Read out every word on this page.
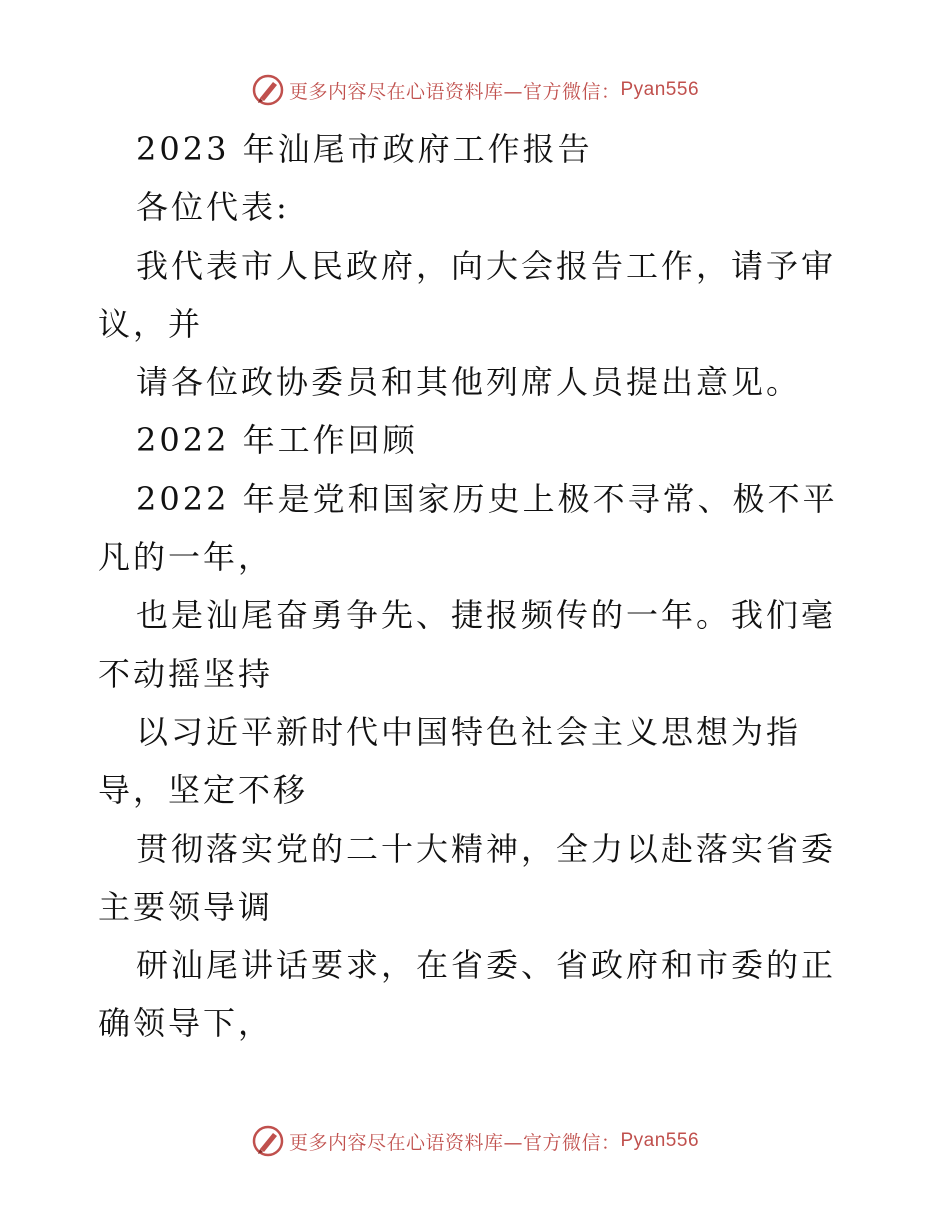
更多内容尽在心语资料库—官方微信： Pyan556

2023 年汕尾市政府工作报告

各位代表:

我代表市人民政府，向大会报告工作，请予审议，并

请各位政协委员和其他列席人员提出意见。

2022 年工作回顾

2022 年是党和国家历史上极不寻常、极不平凡的一年，

也是汕尾奋勇争先、捷报频传的一年。我们毫不动摇坚持

以习近平新时代中国特色社会主义思想为指导，坚定不移

贯彻落实党的二十大精神，全力以赴落实省委主要领导调

研汕尾讲话要求，在省委、省政府和市委的正确领导下，

更多内容尽在心语资料库—官方微信： Pyan556
